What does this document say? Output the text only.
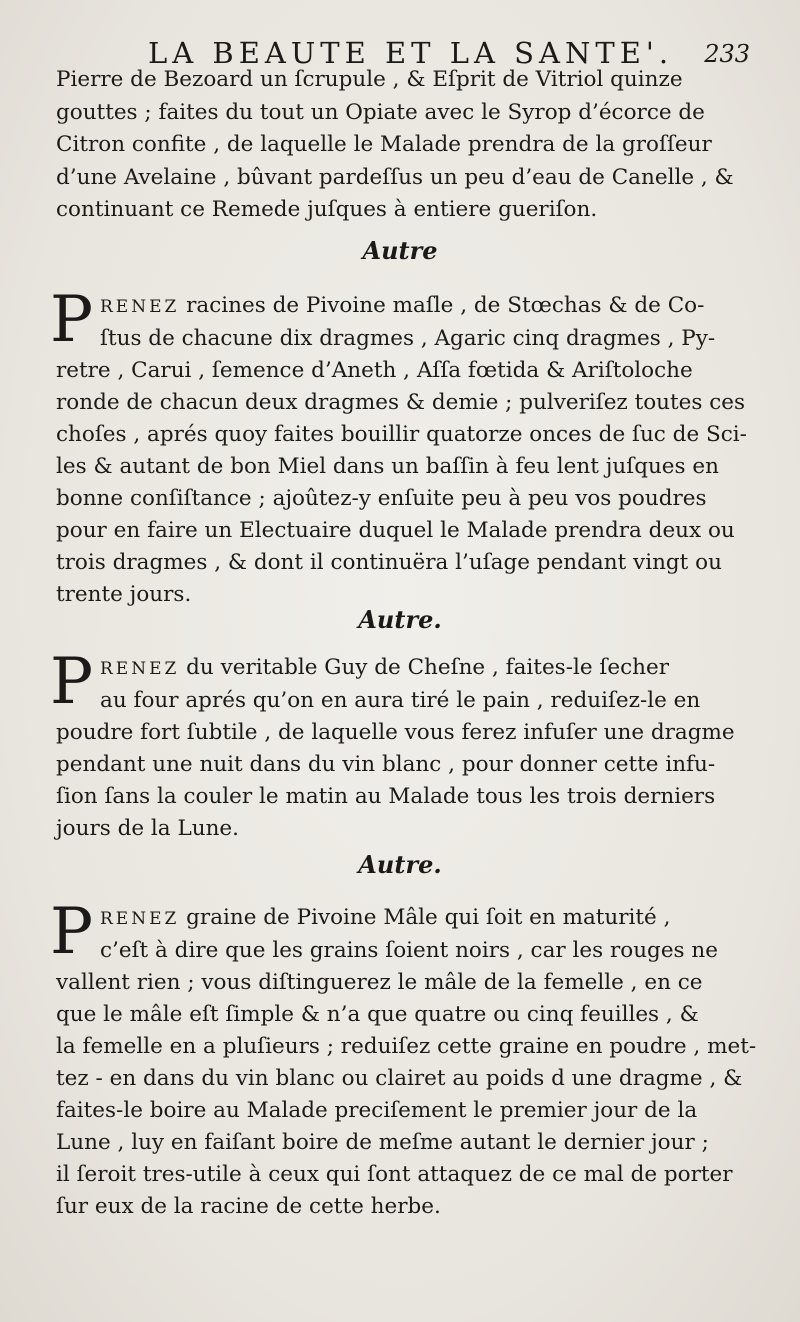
LA BEAUTE ET LA SANTE'. 233

Pierre de Bezoard un ſcrupule , & Eſprit de Vitriol quinze
gouttes ; faites du tout un Opiate avec le Syrop d’écorce de
Citron confite , de laquelle le Malade prendra de la groſſeur
d’une Avelaine , bûvant pardeſſus un peu d’eau de Canelle , &
continuant ce Remede juſques à entiere gueriſon.

Autre
P RENEZ racines de Pivoine maſle , de Stœchas & de Co-
ſtus de chacune dix dragmes , Agaric cinq dragmes , Py-
retre , Carui , ſemence d’Aneth , Aſſa fœtida & Ariſtoloche
ronde de chacun deux dragmes & demie ; pulveriſez toutes ces
choſes , aprés quoy faites bouillir quatorze onces de ſuc de Sci-
les & autant de bon Miel dans un baſſin à feu lent juſques en
bonne conſiſtance ; ajoûtez-y enſuite peu à peu vos poudres
pour en faire un Electuaire duquel le Malade prendra deux ou
trois dragmes , & dont il continuëra l’uſage pendant vingt ou
trente jours.
Autre.
P RENEZ du veritable Guy de Cheſne , faites-le ſecher
au four aprés qu’on en aura tiré le pain , reduiſez-le en
poudre fort ſubtile , de laquelle vous ferez infuſer une dragme
pendant une nuit dans du vin blanc , pour donner cette infu-
ſion ſans la couler le matin au Malade tous les trois derniers
jours de la Lune.
Autre.
P RENEZ graine de Pivoine Mâle qui ſoit en maturité ,
c’eſt à dire que les grains ſoient noirs , car les rouges ne
vallent rien ; vous diſtinguerez le mâle de la femelle , en ce
que le mâle eſt ſimple & n’a que quatre ou cinq feuilles , &
la femelle en a pluſieurs ; reduiſez cette graine en poudre , met-
tez - en dans du vin blanc ou clairet au poids d une dragme , &
faites-le boire au Malade preciſement le premier jour de la
Lune , luy en faiſant boire de meſme autant le dernier jour ;
il ſeroit tres-utile à ceux qui ſont attaquez de ce mal de porter
ſur eux de la racine de cette herbe.
